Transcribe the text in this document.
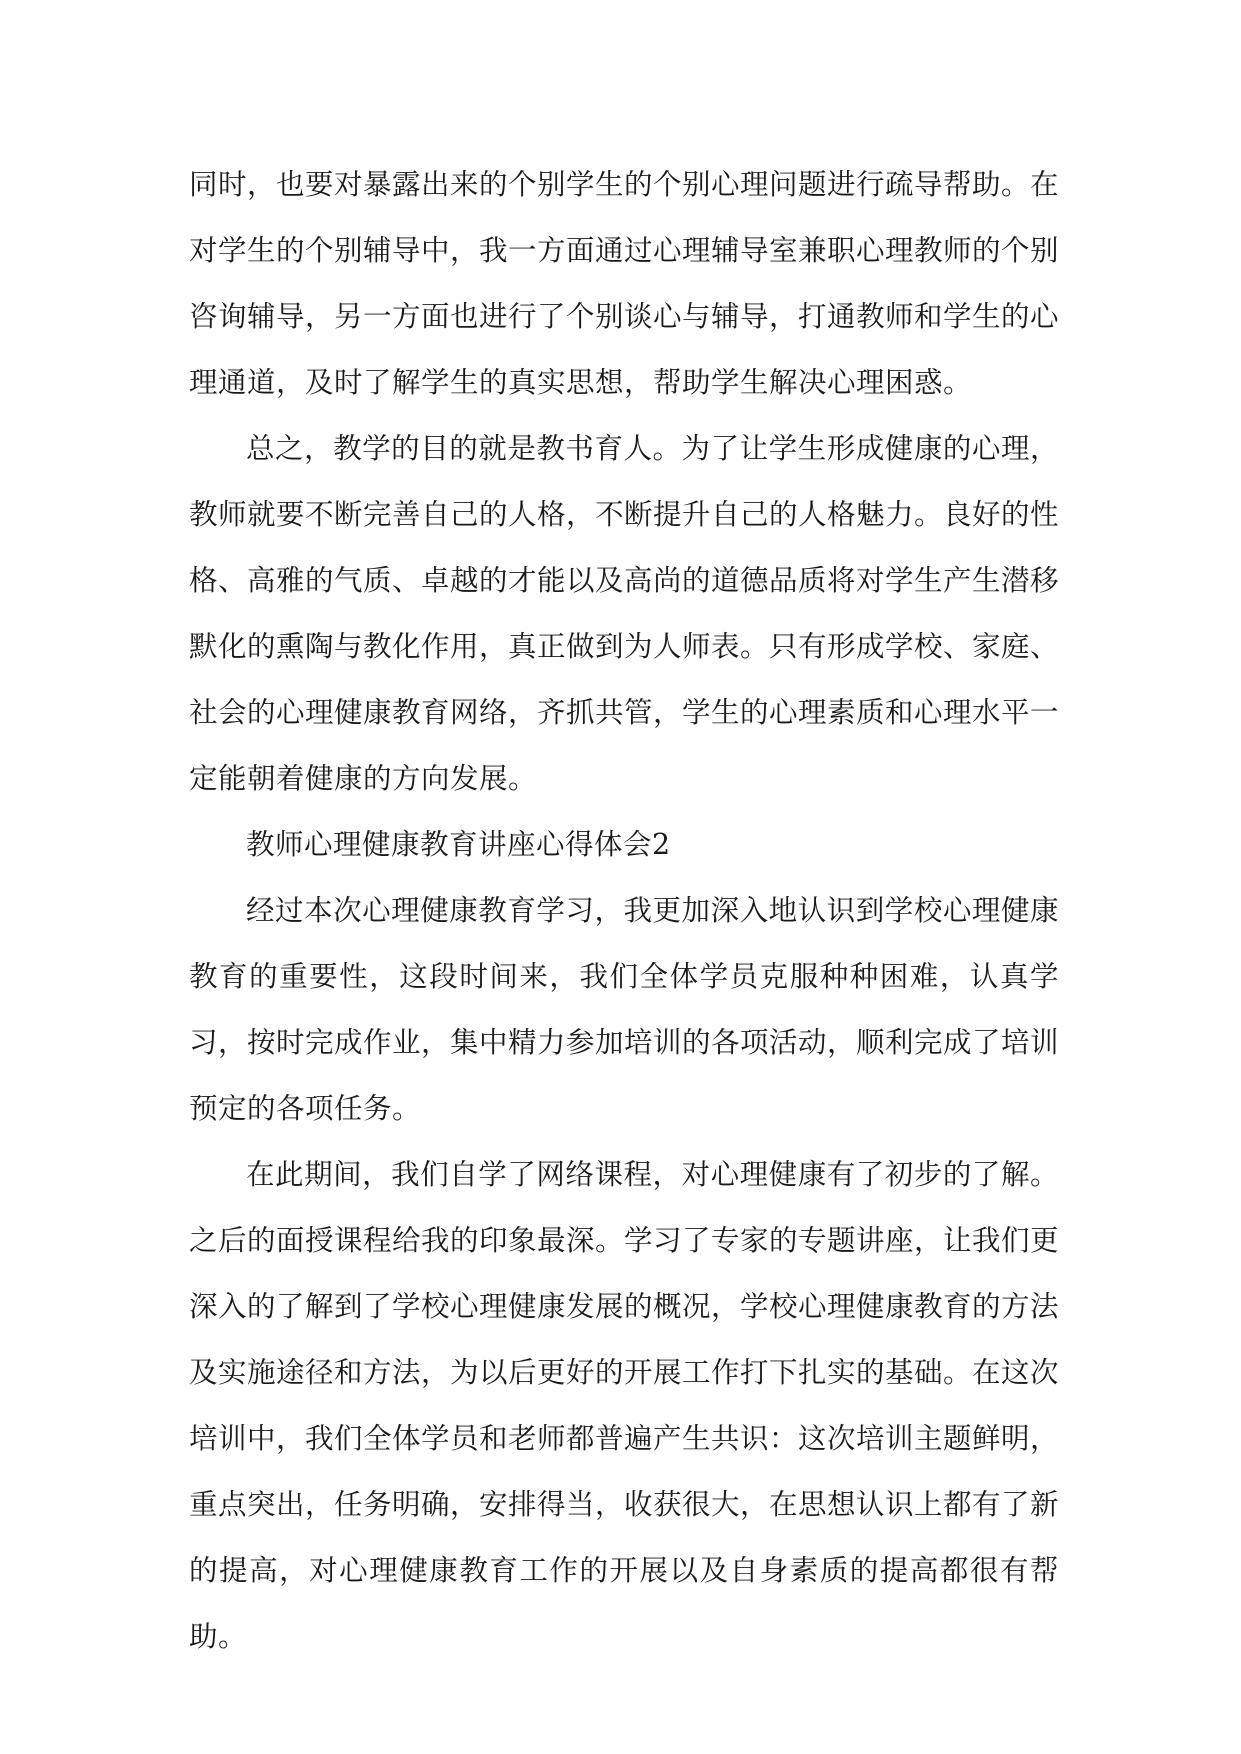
同时，也要对暴露出来的个别学生的个别心理问题进行疏导帮助。在对学生的个别辅导中，我一方面通过心理辅导室兼职心理教师的个别咨询辅导，另一方面也进行了个别谈心与辅导，打通教师和学生的心理通道，及时了解学生的真实思想，帮助学生解决心理困惑。

总之，教学的目的就是教书育人。为了让学生形成健康的心理，教师就要不断完善自己的人格，不断提升自己的人格魅力。良好的性格、高雅的气质、卓越的才能以及高尚的道德品质将对学生产生潜移默化的熏陶与教化作用，真正做到为人师表。只有形成学校、家庭、社会的心理健康教育网络，齐抓共管，学生的心理素质和心理水平一定能朝着健康的方向发展。

教师心理健康教育讲座心得体会2

经过本次心理健康教育学习，我更加深入地认识到学校心理健康教育的重要性，这段时间来，我们全体学员克服种种困难，认真学习，按时完成作业，集中精力参加培训的各项活动，顺利完成了培训预定的各项任务。

在此期间，我们自学了网络课程，对心理健康有了初步的了解。之后的面授课程给我的印象最深。学习了专家的专题讲座，让我们更深入的了解到了学校心理健康发展的概况，学校心理健康教育的方法及实施途径和方法，为以后更好的开展工作打下扎实的基础。在这次培训中，我们全体学员和老师都普遍产生共识：这次培训主题鲜明，重点突出，任务明确，安排得当，收获很大，在思想认识上都有了新的提高，对心理健康教育工作的开展以及自身素质的提高都很有帮助。
